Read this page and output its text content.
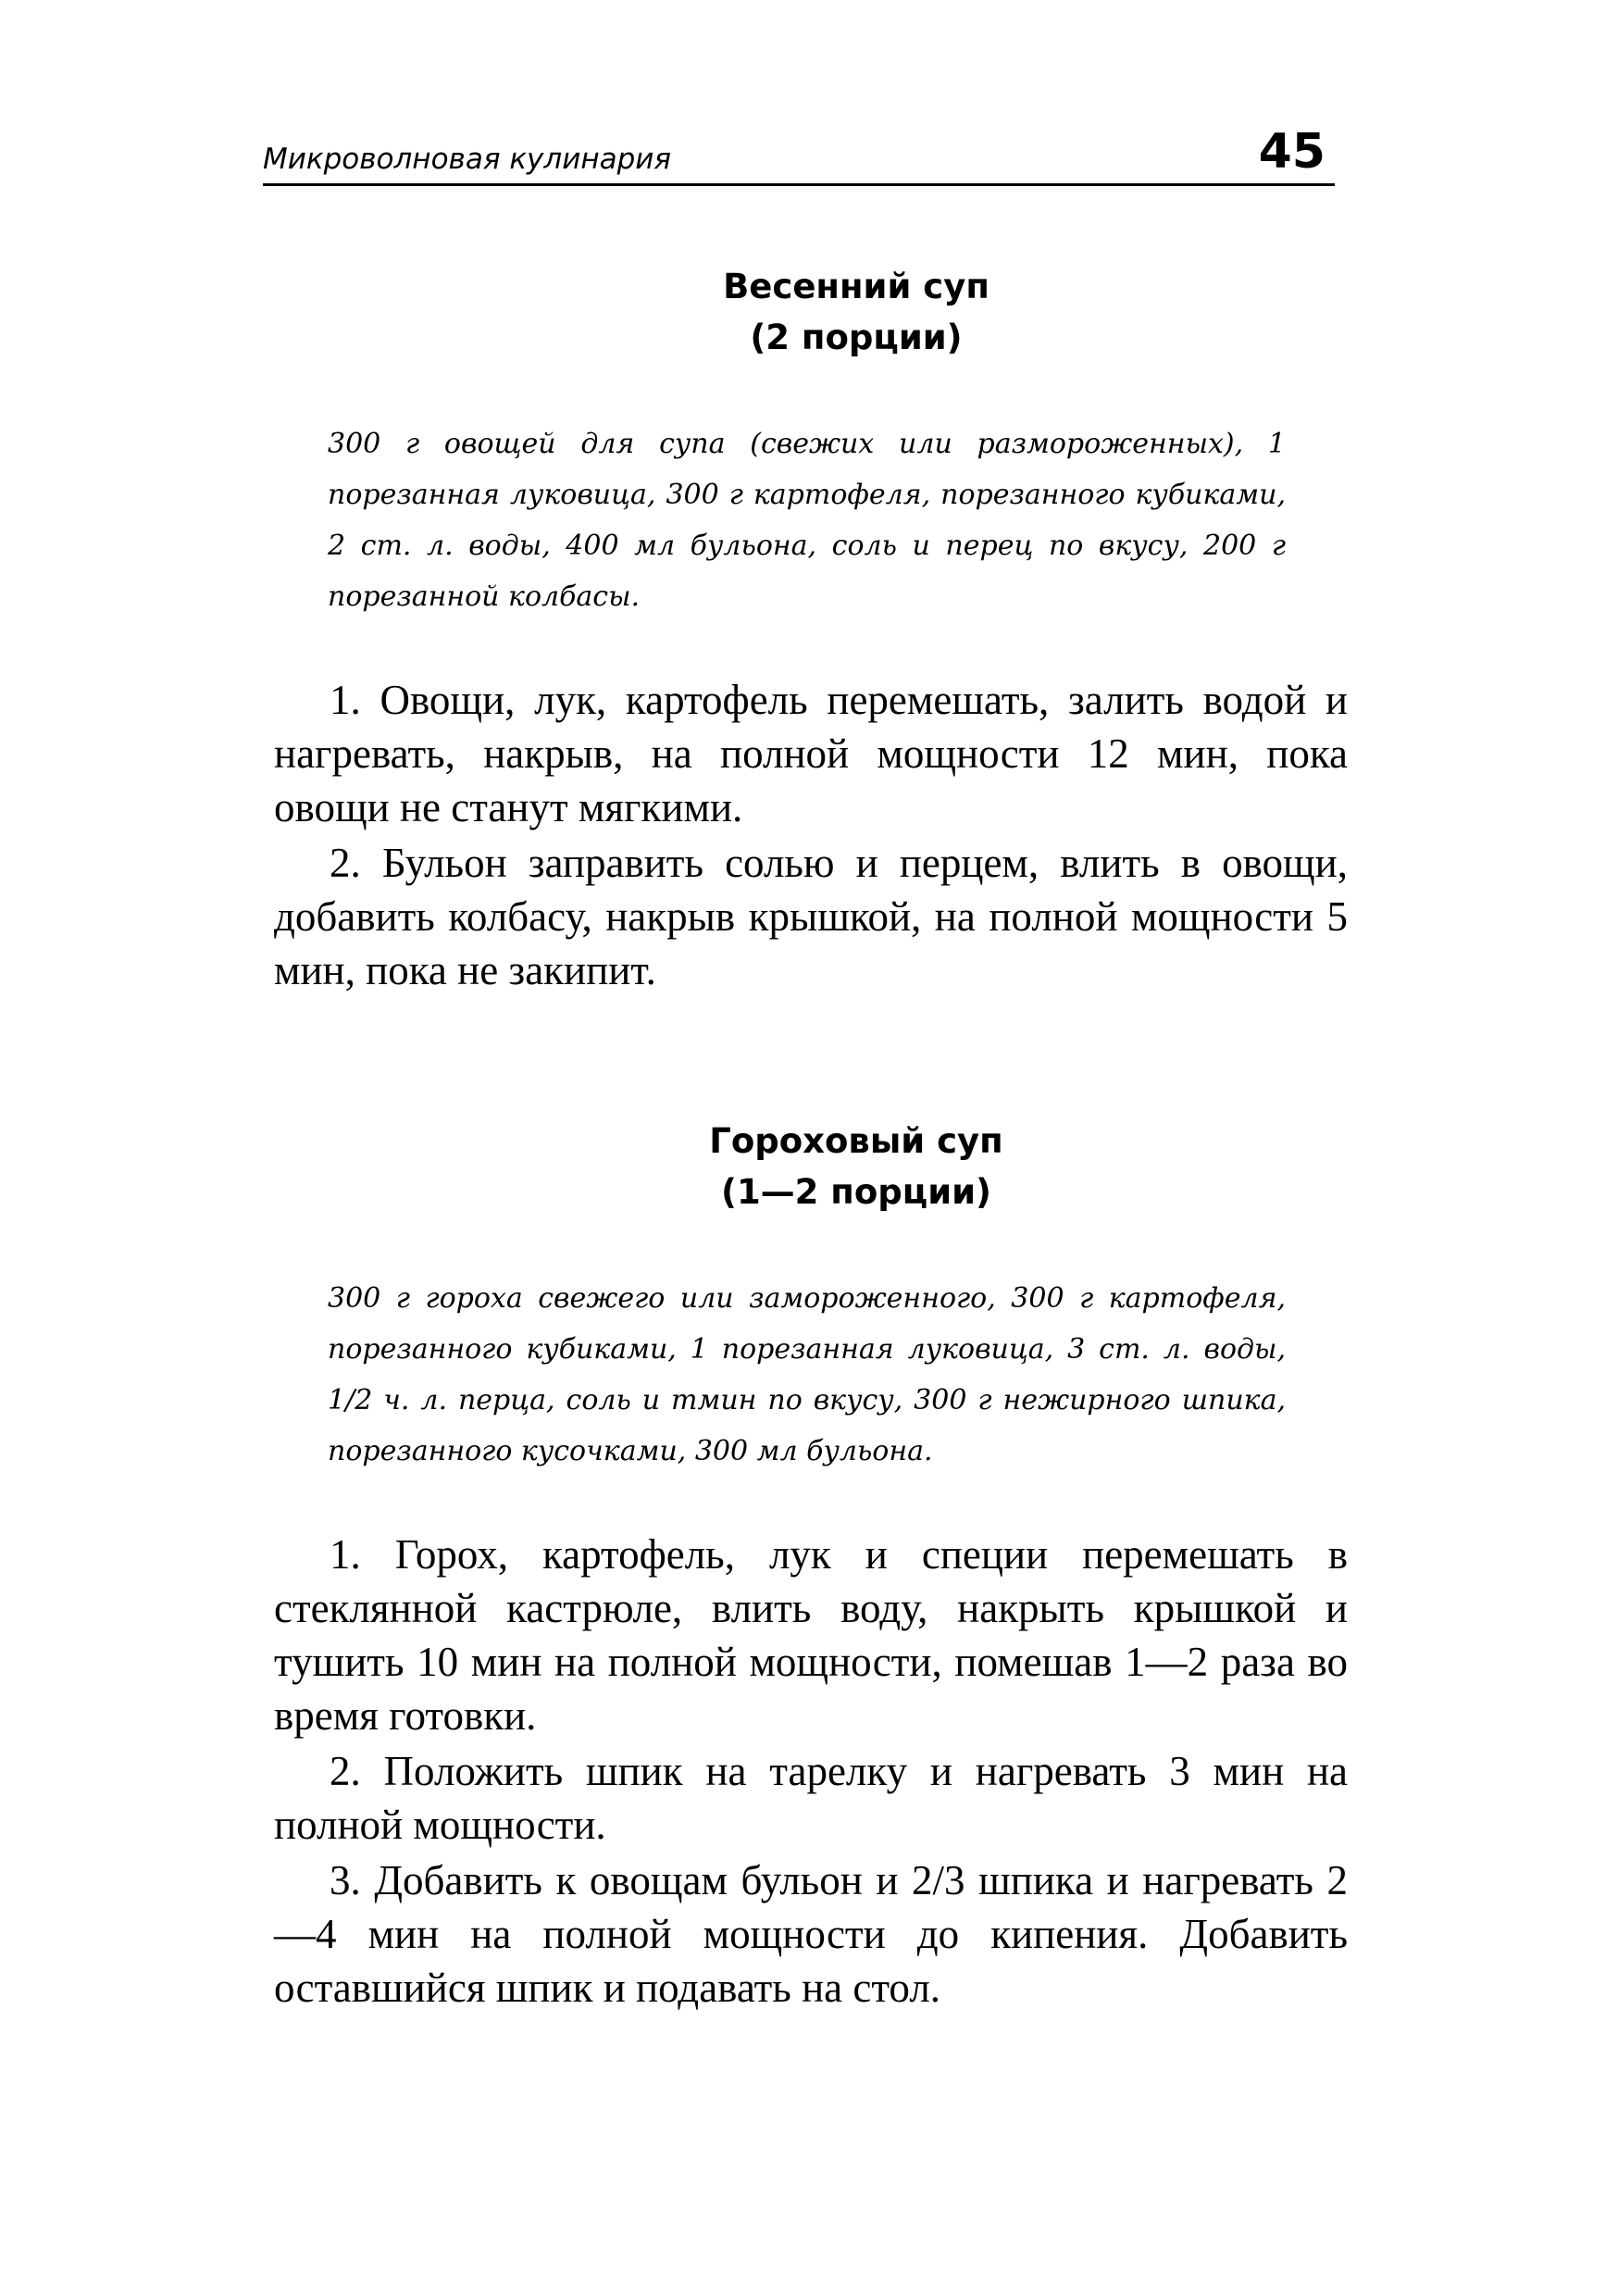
Микроволновая кулинария	45
Весенний суп
(2 порции)

300 г овощей для супа (свежих или размороженных), 1 порезанная луковица, 300 г картофеля, порезанного кубиками, 2 ст. л. воды, 400 мл бульона, соль и перец по вкусу, 200 г порезанной колбасы.

1. Овощи, лук, картофель перемешать, залить водой и нагревать, накрыв, на полной мощности 12 мин, пока овощи не станут мягкими.

2. Бульон заправить солью и перцем, влить в овощи, добавить колбасу, накрыв крышкой, на полной мощности 5 мин, пока не закипит.

Гороховый суп
(1—2 порции)

300 г гороха свежего или замороженного, 300 г картофеля, порезанного кубиками, 1 порезанная луковица, 3 ст. л. воды, 1/2 ч. л. перца, соль и тмин по вкусу, 300 г нежирного шпика, порезанного кусочками, 300 мл бульона.

1. Горох, картофель, лук и специи перемешать в стеклянной кастрюле, влить воду, накрыть крышкой и тушить 10 мин на полной мощности, помешав 1—2 раза во время готовки.

2. Положить шпик на тарелку и нагревать 3 мин на полной мощности.

3. Добавить к овощам бульон и 2/3 шпика и нагревать 2—4 мин на полной мощности до кипения. Добавить оставшийся шпик и подавать на стол.
